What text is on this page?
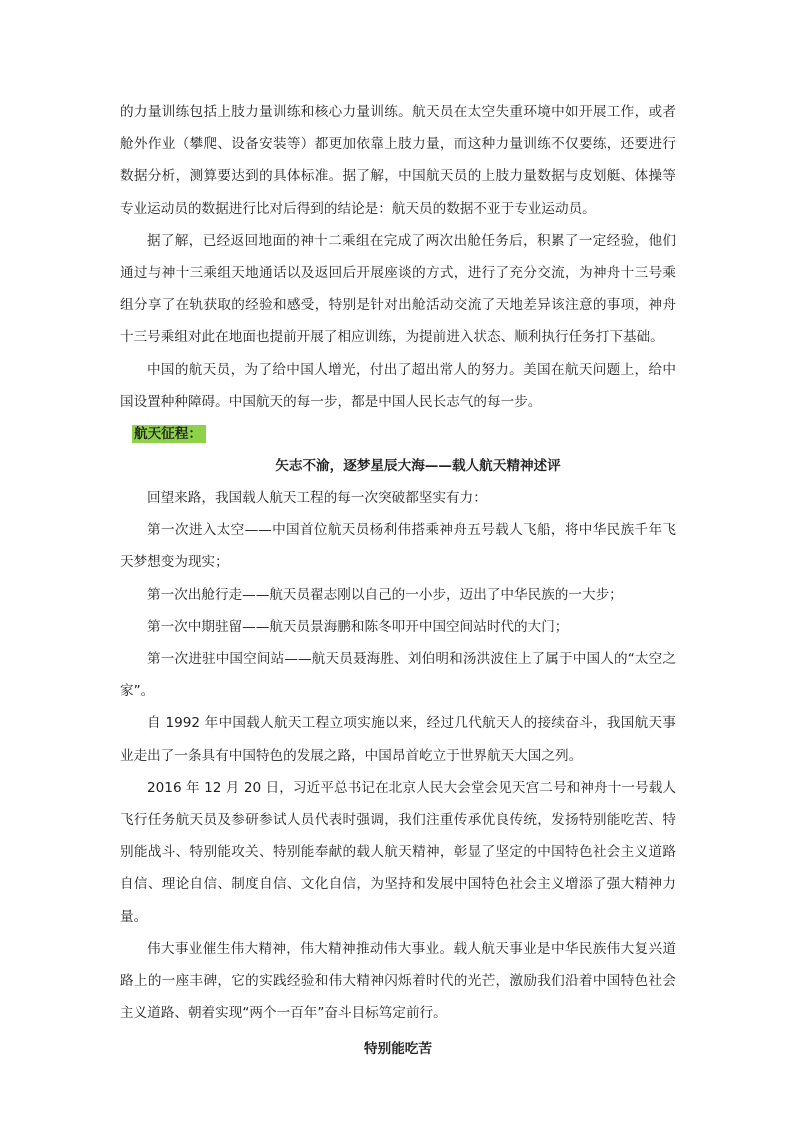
的力量训练包括上肢力量训练和核心力量训练。航天员在太空失重环境中如开展工作，或者舱外作业（攀爬、设备安装等）都更加依靠上肢力量，而这种力量训练不仅要练，还要进行数据分析，测算要达到的具体标准。据了解，中国航天员的上肢力量数据与皮划艇、体操等专业运动员的数据进行比对后得到的结论是：航天员的数据不亚于专业运动员。

据了解，已经返回地面的神十二乘组在完成了两次出舱任务后，积累了一定经验，他们通过与神十三乘组天地通话以及返回后开展座谈的方式，进行了充分交流，为神舟十三号乘组分享了在轨获取的经验和感受，特别是针对出舱活动交流了天地差异该注意的事项，神舟十三号乘组对此在地面也提前开展了相应训练，为提前进入状态、顺利执行任务打下基础。

中国的航天员，为了给中国人增光，付出了超出常人的努力。美国在航天问题上，给中国设置种种障碍。中国航天的每一步，都是中国人民长志气的每一步。

航天征程：

矢志不渝，逐梦星辰大海——载人航天精神述评

回望来路，我国载人航天工程的每一次突破都坚实有力：

第一次进入太空——中国首位航天员杨利伟搭乘神舟五号载人飞船，将中华民族千年飞天梦想变为现实；

第一次出舱行走——航天员翟志刚以自己的一小步，迈出了中华民族的一大步；

第一次中期驻留——航天员景海鹏和陈冬叩开中国空间站时代的大门；

第一次进驻中国空间站——航天员聂海胜、刘伯明和汤洪波住上了属于中国人的“太空之家”。

自 1992 年中国载人航天工程立项实施以来，经过几代航天人的接续奋斗，我国航天事业走出了一条具有中国特色的发展之路，中国昂首屹立于世界航天大国之列。

2016 年 12 月 20 日，习近平总书记在北京人民大会堂会见天宫二号和神舟十一号载人飞行任务航天员及参研参试人员代表时强调，我们注重传承优良传统，发扬特别能吃苦、特别能战斗、特别能攻关、特别能奉献的载人航天精神，彰显了坚定的中国特色社会主义道路自信、理论自信、制度自信、文化自信，为坚持和发展中国特色社会主义增添了强大精神力量。

伟大事业催生伟大精神，伟大精神推动伟大事业。载人航天事业是中华民族伟大复兴道路上的一座丰碑，它的实践经验和伟大精神闪烁着时代的光芒，激励我们沿着中国特色社会主义道路、朝着实现“两个一百年”奋斗目标笃定前行。

特别能吃苦
